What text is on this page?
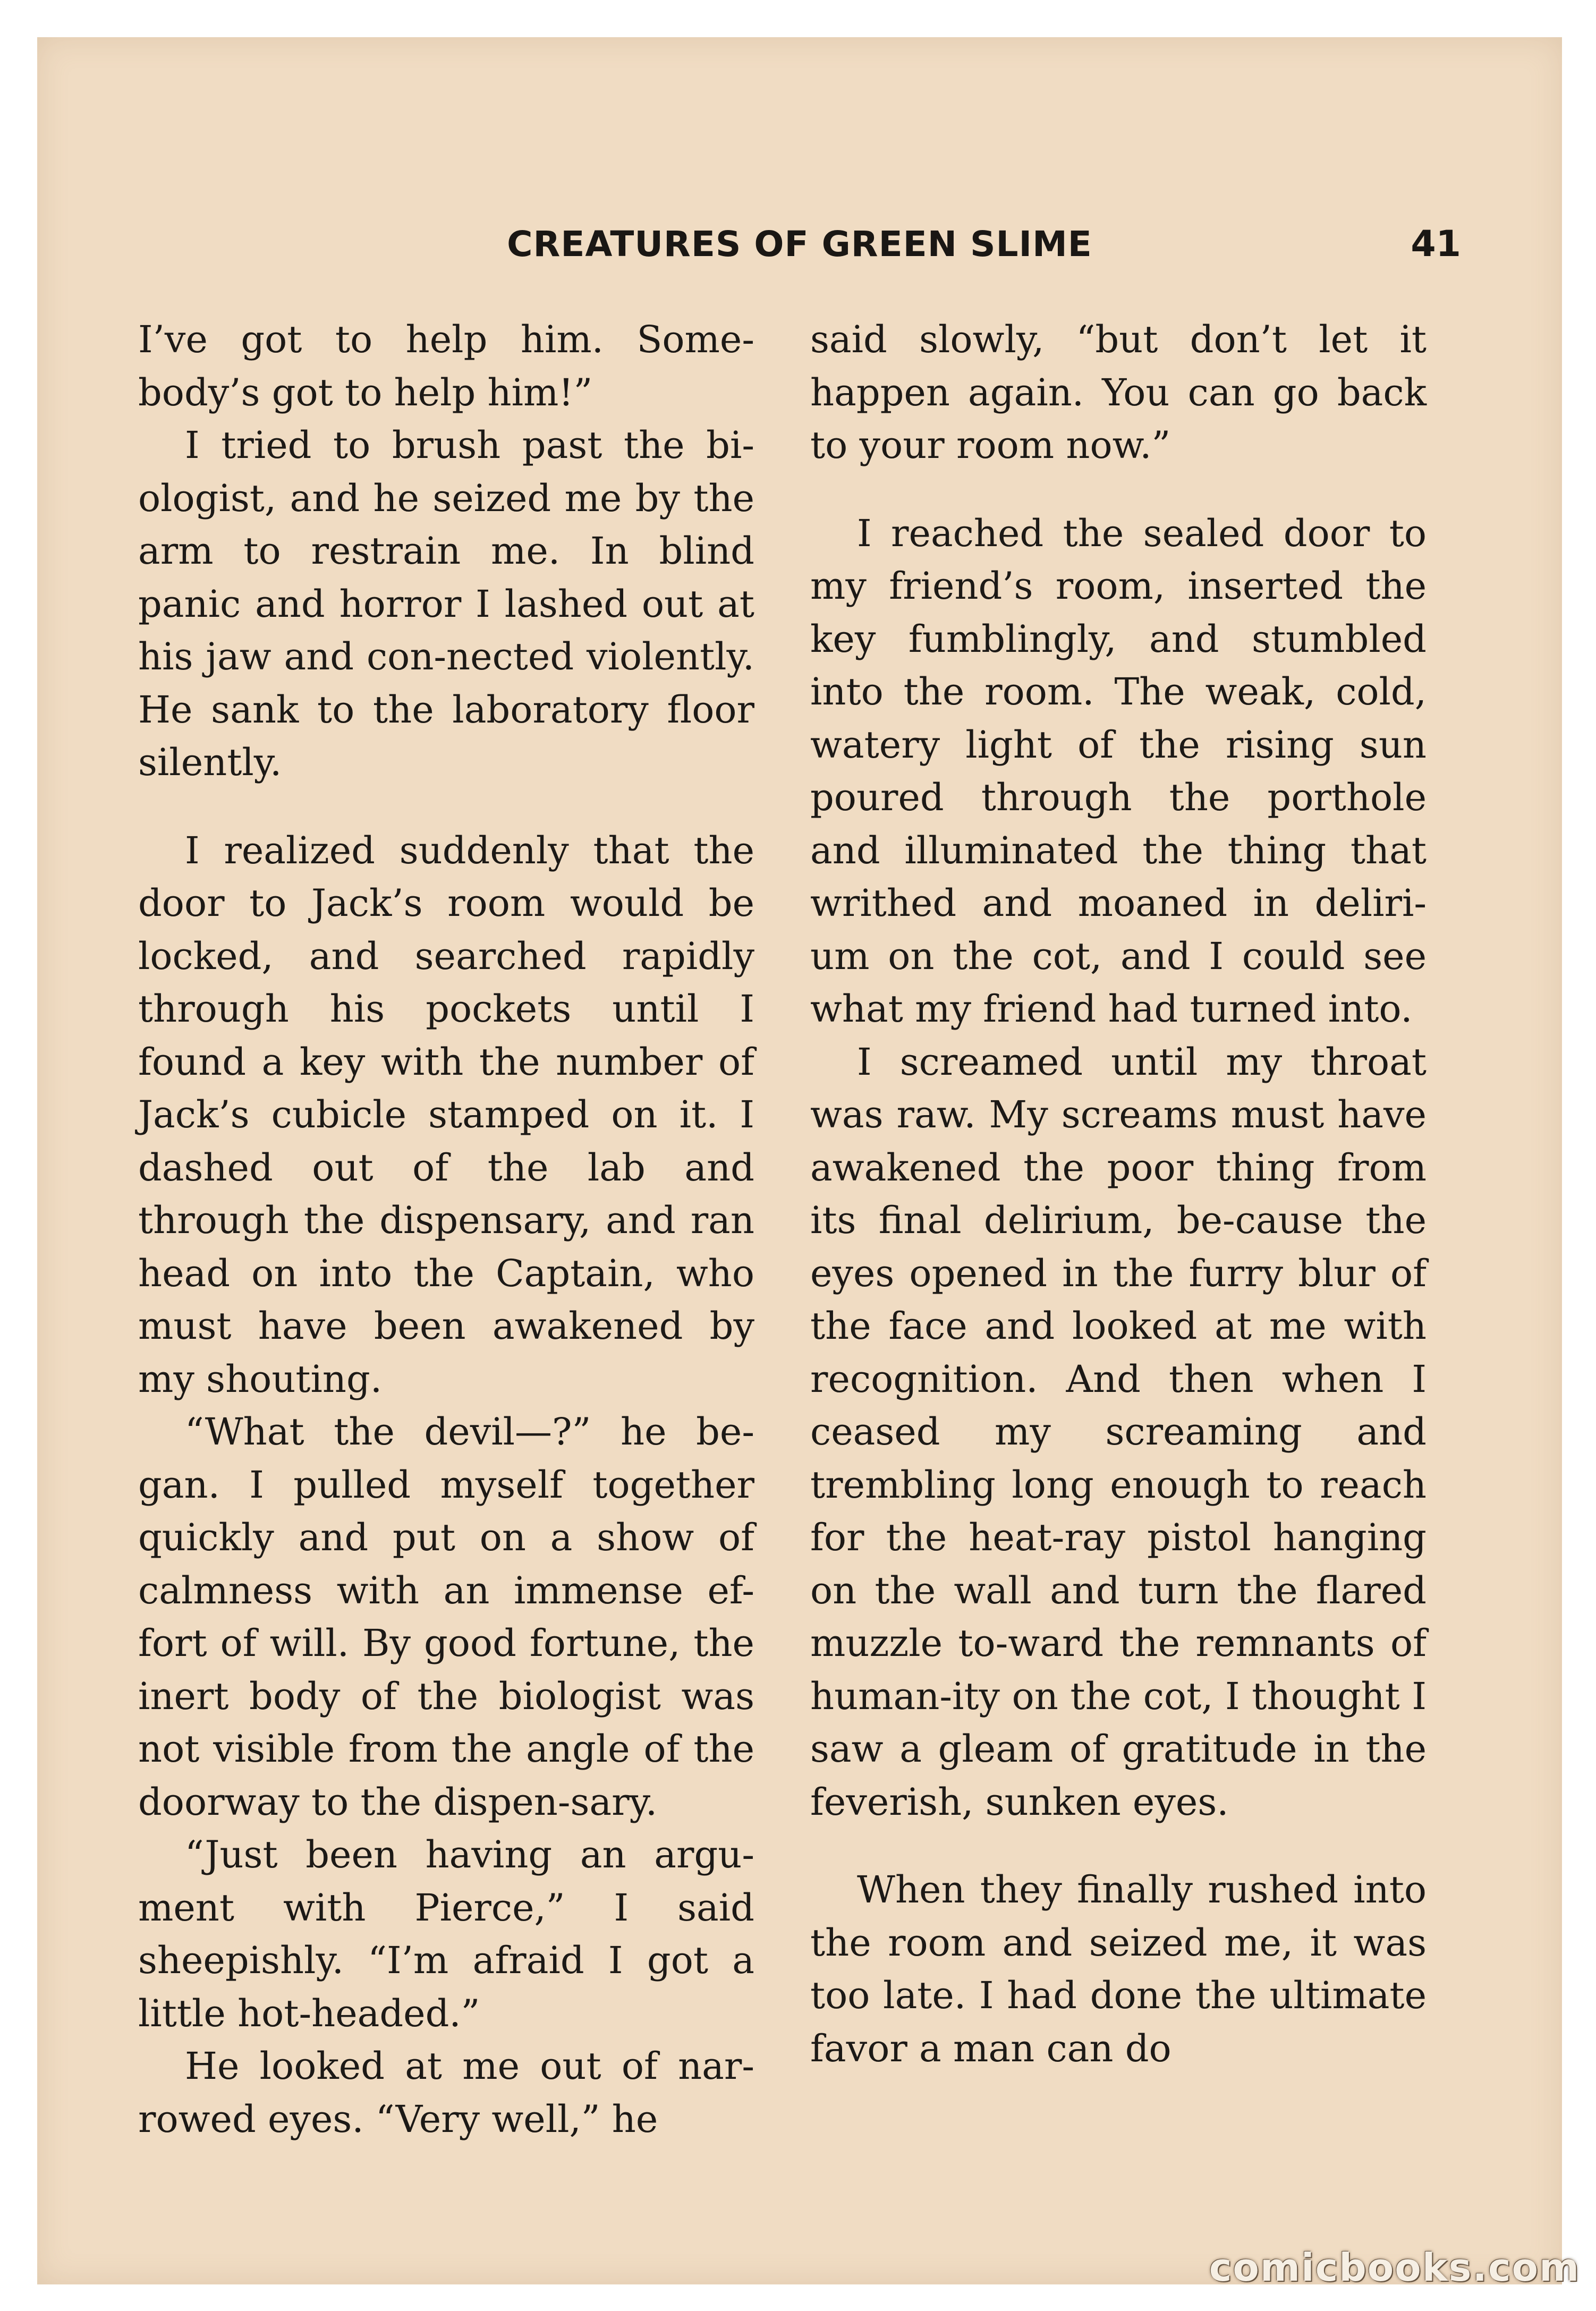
CREATURES OF GREEN SLIME	41

I’ve got to help him. Some-body’s got to help him!”

I tried to brush past the bi-ologist, and he seized me by the arm to restrain me. In blind panic and horror I lashed out at his jaw and con-nected violently. He sank to the laboratory floor silently.

I realized suddenly that the door to Jack’s room would be locked, and searched rapidly through his pockets until I found a key with the number of Jack’s cubicle stamped on it. I dashed out of the lab and through the dispensary, and ran head on into the Captain, who must have been awakened by my shouting.

“What the devil—?” he be-gan. I pulled myself together quickly and put on a show of calmness with an immense ef-fort of will. By good fortune, the inert body of the biologist was not visible from the angle of the doorway to the dispen-sary.

“Just been having an argu-ment with Pierce,” I said sheepishly. “I’m afraid I got a little hot-headed.”

He looked at me out of nar-rowed eyes. “Very well,” he

said slowly, “but don’t let it happen again. You can go back to your room now.”

I reached the sealed door to my friend’s room, inserted the key fumblingly, and stumbled into the room. The weak, cold, watery light of the rising sun poured through the porthole and illuminated the thing that writhed and moaned in deliri-um on the cot, and I could see what my friend had turned into.

I screamed until my throat was raw. My screams must have awakened the poor thing from its final delirium, be-cause the eyes opened in the furry blur of the face and looked at me with recognition. And then when I ceased my screaming and trembling long enough to reach for the heat-ray pistol hanging on the wall and turn the flared muzzle to-ward the remnants of human-ity on the cot, I thought I saw a gleam of gratitude in the feverish, sunken eyes.

When they finally rushed into the room and seized me, it was too late. I had done the ultimate favor a man can do

comicbooks.com
